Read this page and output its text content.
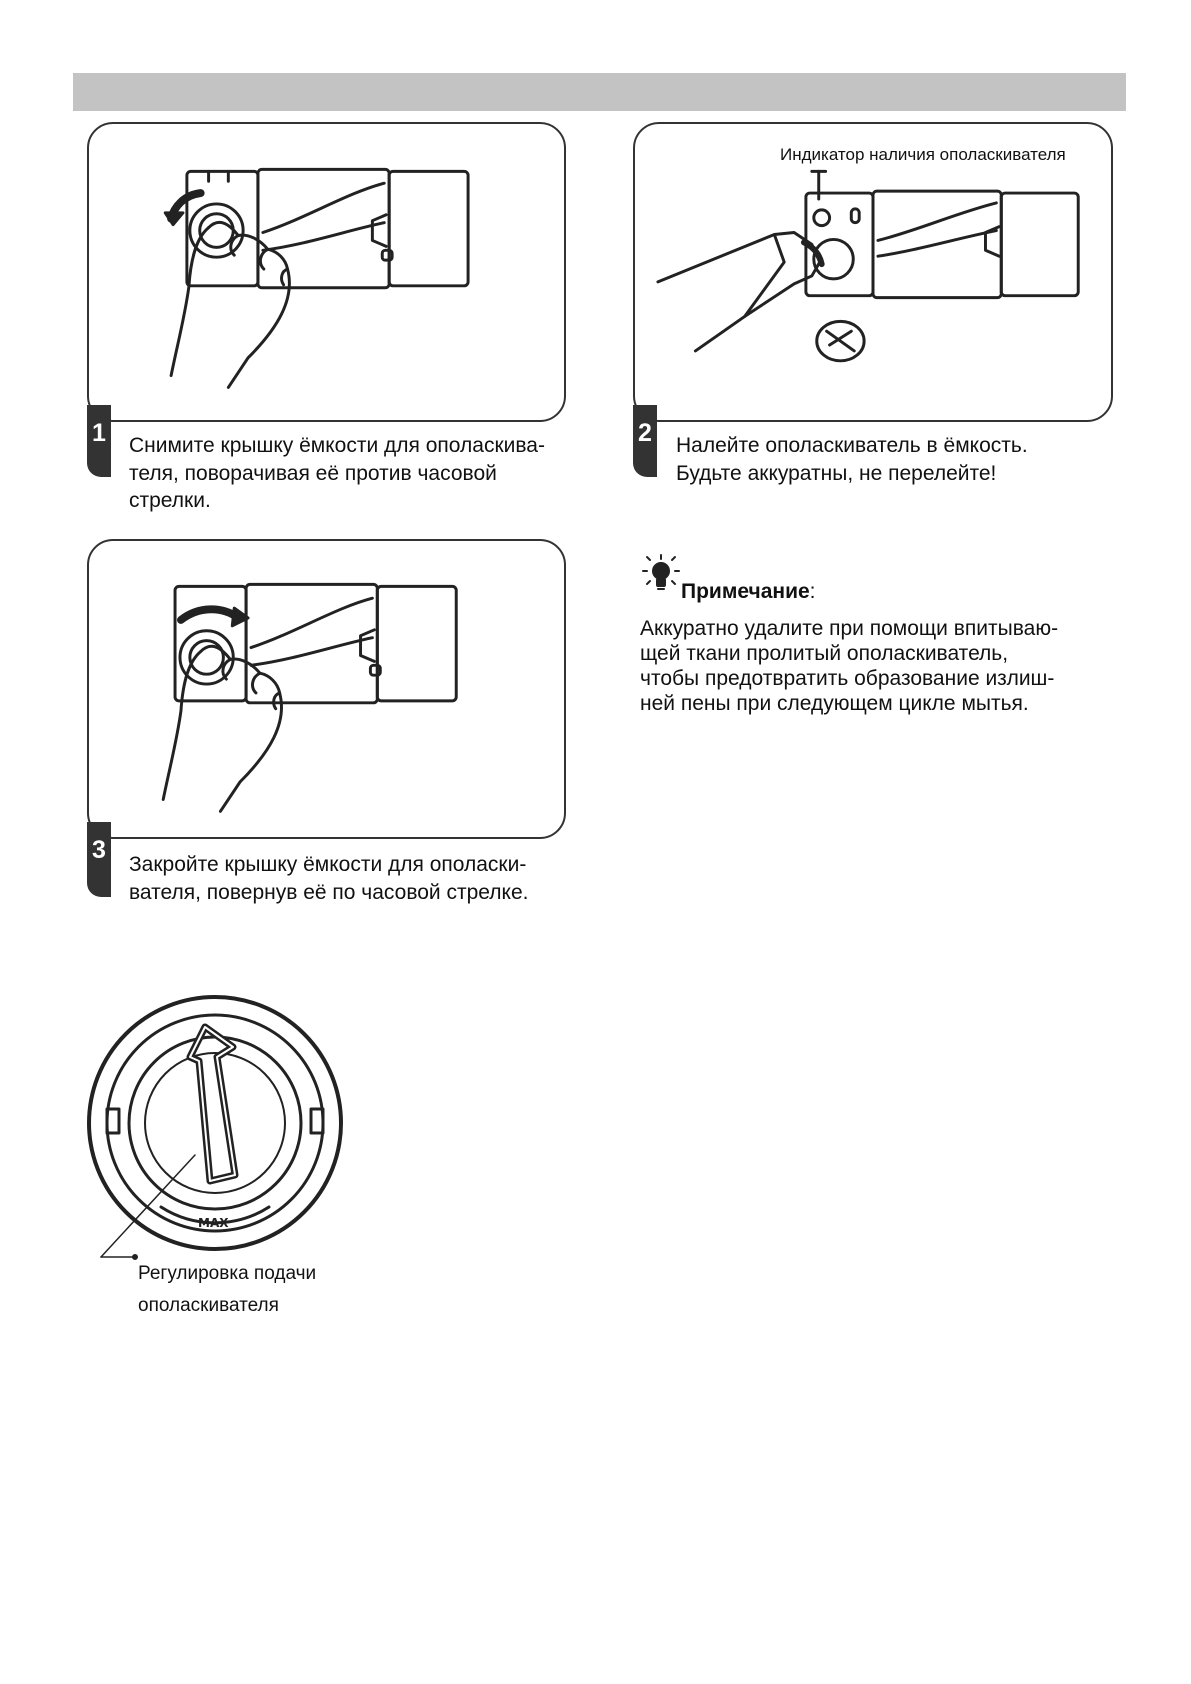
1 Снимите крышку ёмкости для ополаскива-
теля, поворачивая её против часовой
стрелки.
Индикатор наличия ополаскивателя
2 Налейте ополаскиватель в ёмкость.
Будьте аккуратны, не перелейте!
3
Закройте крышку ёмкости для ополаски-
вателя, повернув её по часовой стрелке.
Примечание:
Аккуратно удалите при помощи впитываю-
щей ткани пролитый ополаскиватель,
чтобы предотвратить образование излиш-
ней пены при следующем цикле мытья.
MAX
Регулировка подачи
ополаскивателя
